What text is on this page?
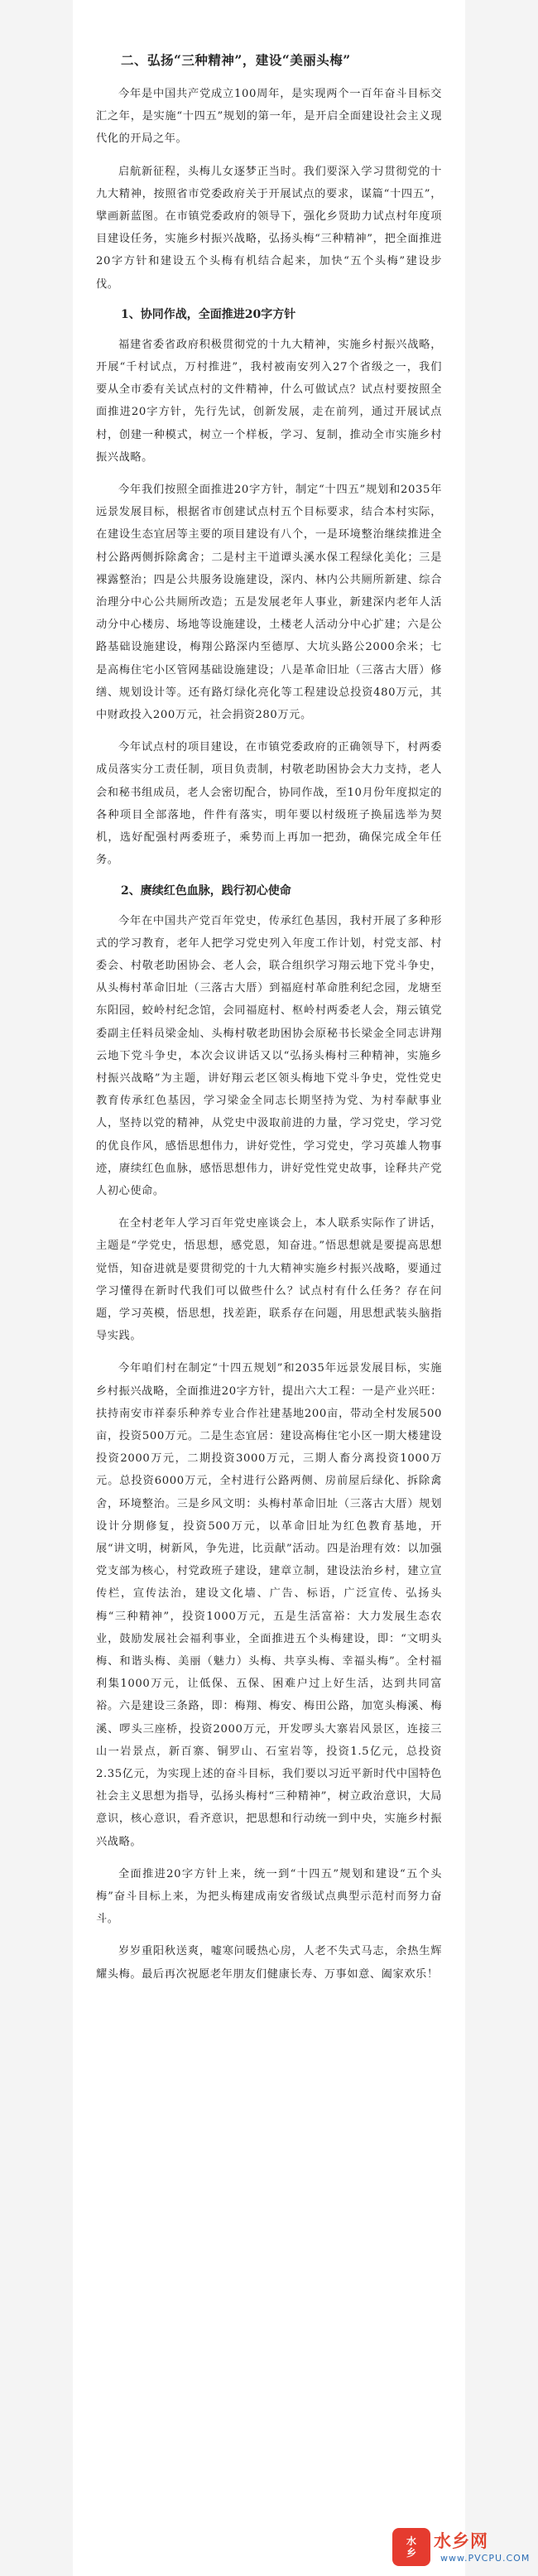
二、弘扬“三种精神”，建设“美丽头梅”

今年是中国共产党成立100周年，是实现两个一百年奋斗目标交汇之年，是实施“十四五”规划的第一年，是开启全面建设社会主义现代化的开局之年。

启航新征程，头梅儿女逐梦正当时。我们要深入学习贯彻党的十九大精神，按照省市党委政府关于开展试点的要求，谋篇“十四五”，擘画新蓝图。在市镇党委政府的领导下，强化乡贤助力试点村年度项目建设任务，实施乡村振兴战略，弘扬头梅“三种精神”，把全面推进20字方针和建设五个头梅有机结合起来，加快“五个头梅”建设步伐。

1、协同作战，全面推进20字方针

福建省委省政府积极贯彻党的十九大精神，实施乡村振兴战略，开展“千村试点，万村推进”，我村被南安列入27个省级之一，我们要从全市委有关试点村的文件精神，什么可做试点？试点村要按照全面推进20字方针，先行先试，创新发展，走在前列，通过开展试点村，创建一种模式，树立一个样板，学习、复制，推动全市实施乡村振兴战略。

今年我们按照全面推进20字方针，制定“十四五”规划和2035年远景发展目标，根据省市创建试点村五个目标要求，结合本村实际，在建设生态宜居等主要的项目建设有八个，一是环境整治继续推进全村公路两侧拆除禽舍；二是村主干道谭头溪水保工程绿化美化；三是裸露整治；四是公共服务设施建设，深内、林内公共厕所新建、综合治理分中心公共厕所改造；五是发展老年人事业，新建深内老年人活动分中心楼房、场地等设施建设，土楼老人活动分中心扩建；六是公路基础设施建设，梅翔公路深内至德厚、大坑头路公2000余米；七是高梅住宅小区管网基础设施建设；八是革命旧址（三落古大厝）修缮、规划设计等。还有路灯绿化亮化等工程建设总投资480万元，其中财政投入200万元，社会捐资280万元。

今年试点村的项目建设，在市镇党委政府的正确领导下，村两委成员落实分工责任制，项目负责制，村敬老助困协会大力支持，老人会和秘书组成员，老人会密切配合，协同作战，至10月份年度拟定的各种项目全部落地，件件有落实，明年要以村级班子换届选举为契机，选好配强村两委班子，乘势而上再加一把劲，确保完成全年任务。

2、赓续红色血脉，践行初心使命

今年在中国共产党百年党史，传承红色基因，我村开展了多种形式的学习教育，老年人把学习党史列入年度工作计划，村党支部、村委会、村敬老助困协会、老人会，联合组织学习翔云地下党斗争史，从头梅村革命旧址（三落古大厝）到福庭村革命胜利纪念园，龙塘至东阳园，蛟岭村纪念馆，会同福庭村、枢岭村两委老人会，翔云镇党委副主任料员梁金灿、头梅村敬老助困协会原秘书长梁金全同志讲翔云地下党斗争史，本次会议讲话又以“弘扬头梅村三种精神，实施乡村振兴战略”为主题，讲好翔云老区领头梅地下党斗争史，党性党史教育传承红色基因，学习梁金全同志长期坚持为党、为村奉献事业人，坚持以党的精神，从党史中汲取前进的力量，学习党史，学习党的优良作风，感悟思想伟力，讲好党性，学习党史，学习英雄人物事迹，赓续红色血脉，感悟思想伟力，讲好党性党史故事，诠释共产党人初心使命。

在全村老年人学习百年党史座谈会上，本人联系实际作了讲话，主题是“学党史，悟思想，感党恩，知奋进。”悟思想就是要提高思想觉悟，知奋进就是要贯彻党的十九大精神实施乡村振兴战略，要通过学习懂得在新时代我们可以做些什么？试点村有什么任务？存在问题，学习英模，悟思想，找差距，联系存在问题，用思想武装头脑指导实践。

今年咱们村在制定“十四五规划”和2035年远景发展目标，实施乡村振兴战略，全面推进20字方针，提出六大工程：一是产业兴旺：扶持南安市祥泰乐种养专业合作社建基地200亩，带动全村发展500亩，投资500万元。二是生态宜居：建设高梅住宅小区一期大楼建设投资2000万元，二期投资3000万元，三期人畜分离投资1000万元。总投资6000万元，全村进行公路两侧、房前屋后绿化、拆除禽舍，环境整治。三是乡风文明：头梅村革命旧址（三落古大厝）规划设计分期修复，投资500万元，以革命旧址为红色教育基地，开展“讲文明，树新风，争先进，比贡献”活动。四是治理有效：以加强党支部为核心，村党政班子建设，建章立制，建设法治乡村，建立宣传栏，宣传法治，建设文化墙、广告、标语，广泛宣传、弘扬头梅“三种精神”，投资1000万元，五是生活富裕：大力发展生态农业，鼓励发展社会福利事业，全面推进五个头梅建设，即：“文明头梅、和谐头梅、美丽（魅力）头梅、共享头梅、幸福头梅”。全村福利集1000万元，让低保、五保、困难户过上好生活，达到共同富裕。六是建设三条路，即：梅翔、梅安、梅田公路，加宽头梅溪、梅溪、啰头三座桥，投资2000万元，开发啰头大寨岩风景区，连接三山一岩景点，新百寨、铜罗山、石室岩等，投资1.5亿元，总投资2.35亿元，为实现上述的奋斗目标，我们要以习近平新时代中国特色社会主义思想为指导，弘扬头梅村“三种精神”，树立政治意识，大局意识，核心意识，看齐意识，把思想和行动统一到中央，实施乡村振兴战略。

全面推进20字方针上来，统一到“十四五”规划和建设“五个头梅”奋斗目标上来，为把头梅建成南安省级试点典型示范村而努力奋斗。

岁岁重阳秋送爽，嘘寒问暖热心房，人老不失式马志，余热生辉耀头梅。最后再次祝愿老年朋友们健康长寿、万事如意、阖家欢乐！

水
乡
水乡网
www.PVCPU.COM
